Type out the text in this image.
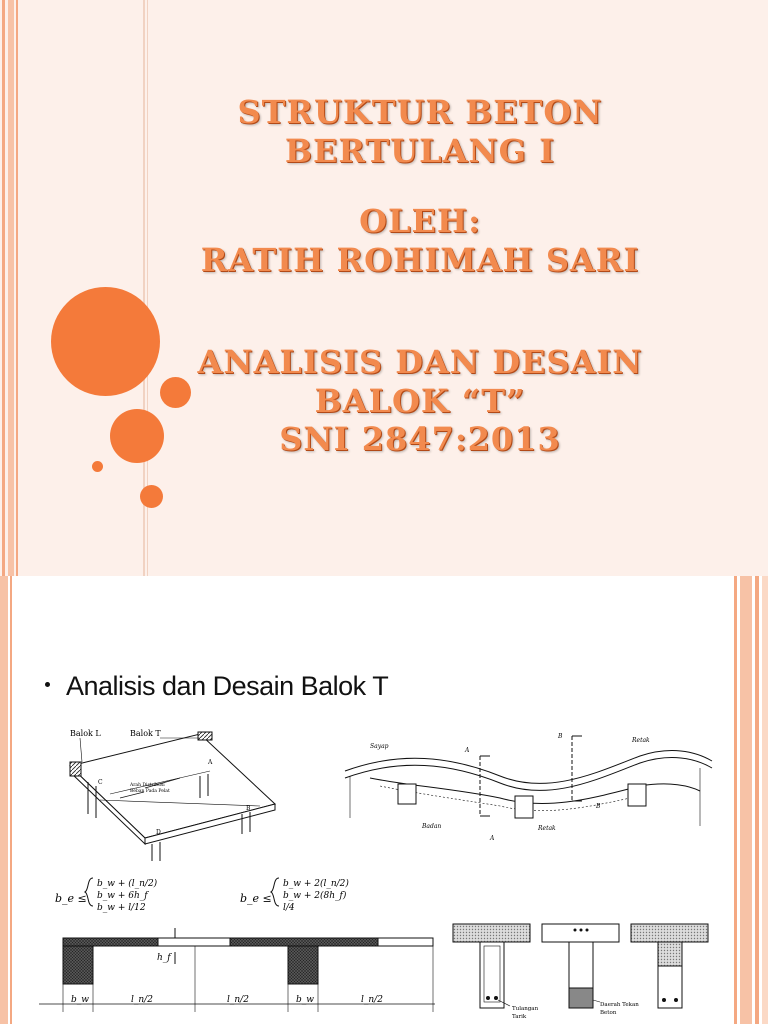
STRUKTUR BETON
BERTULANG I
OLEH:
RATIH ROHIMAH SARI
ANALISIS DAN DESAIN
BALOK “T”
SNI 2847:2013
Analisis dan Desain Balok T
Balok L	Balok T
Arah Distribusi
Beban Pada Pelat
A
B
C
D
Sayap
Retak
Badan	Retak
A
A
B
B
b_e ≤
b_w + (l_n/2)
b_w + 6h_f
b_w + l/12
b_e ≤
b_w + 2(l_n/2)
b_w + 2(8h_f)
l/4
h_f
b_w	l_n/2	l_n/2	b_w	l_n/2
Tulangan
Tarik
Daerah Tekan
Beton
